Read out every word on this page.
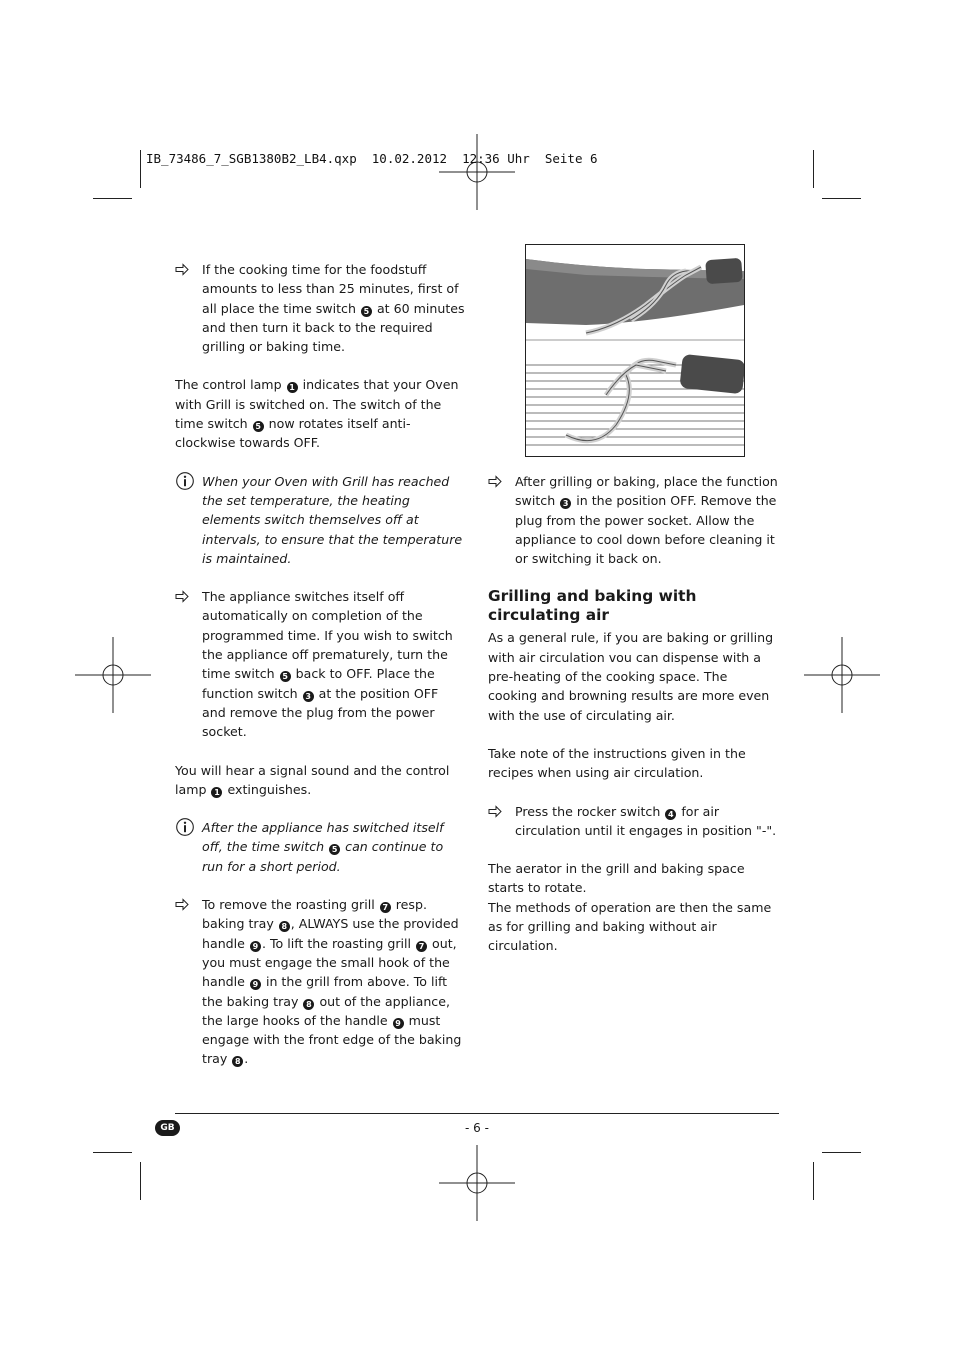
IB_73486_7_SGB1380B2_LB4.qxp  10.02.2012  12:36 Uhr  Seite 6
If the cooking time for the foodstuff amounts to less than 25 minutes, first of all place the time switch 5 at 60 minutes and then turn it back to the required grilling or baking time.
The control lamp 1 indicates that your Oven with Grill is switched on. The switch of the time switch 5 now rotates itself anti-clockwise towards OFF.
When your Oven with Grill has reached the set temperature, the heating elements switch themselves off at intervals, to ensure that the temperature is maintained.
The appliance switches itself off automatically on completion of the programmed time. If you wish to switch the appliance off prematurely, turn the time switch 5 back to OFF. Place the function switch 3 at the position OFF and remove the plug from the power socket.
You will hear a signal sound and the control lamp 1 extinguishes.
After the appliance has switched itself off, the time switch 5 can continue to run for a short period.
To remove the roasting grill 7 resp. baking tray 8 , ALWAYS use the provided handle 9 . To lift the roasting grill 7 out, you must engage the small hook of the handle 9 in the grill from above. To lift the baking tray 8 out of the appliance, the large hooks of the handle 9 must engage with the front edge of the baking tray 8 .
After grilling or baking, place the function switch 3 in the position OFF. Remove the plug from the power socket. Allow the appliance to cool down before cleaning it or switching it back on.
Grilling and baking with circulating air
As a general rule, if you are baking or grilling with air circulation vou can dispense with a pre-heating of the cooking space. The cooking and browning results are more even with the use of circulating air.
Take note of the instructions given in the recipes when using air circulation.
Press the rocker switch 4 for air circulation until it engages in position "-".
The aerator in the grill and baking space starts to rotate.
The methods of operation are then the same as for grilling and baking without air circulation.
GB	- 6 -
